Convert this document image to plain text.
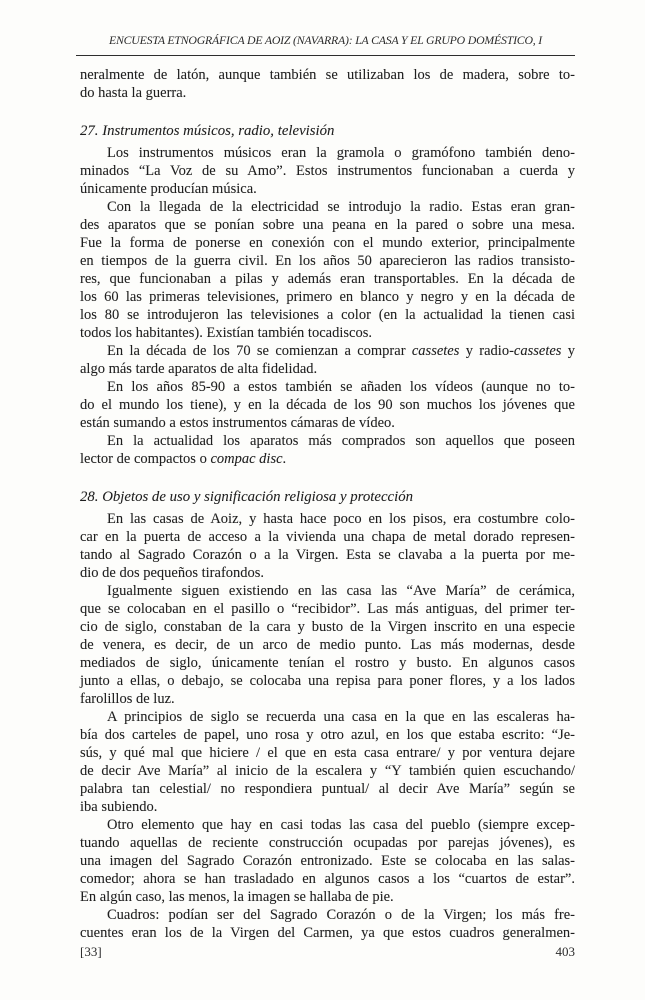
ENCUESTA ETNOGRÁFICA DE AOIZ (NAVARRA): LA CASA Y EL GRUPO DOMÉSTICO, I
neralmente de latón, aunque también se utilizaban los de madera, sobre to-
do hasta la guerra.
27. Instrumentos músicos, radio, televisión
Los instrumentos músicos eran la gramola o gramófono también deno-
minados “La Voz de su Amo”. Estos instrumentos funcionaban a cuerda y
únicamente producían música.
Con la llegada de la electricidad se introdujo la radio. Estas eran gran-
des aparatos que se ponían sobre una peana en la pared o sobre una mesa.
Fue la forma de ponerse en conexión con el mundo exterior, principalmente
en tiempos de la guerra civil. En los años 50 aparecieron las radios transisto-
res, que funcionaban a pilas y además eran transportables. En la década de
los 60 las primeras televisiones, primero en blanco y negro y en la década de
los 80 se introdujeron las televisiones a color (en la actualidad la tienen casi
todos los habitantes). Existían también tocadiscos.
En la década de los 70 se comienzan a comprar cassetes y radio-cassetes y
algo más tarde aparatos de alta fidelidad.
En los años 85-90 a estos también se añaden los vídeos (aunque no to-
do el mundo los tiene), y en la década de los 90 son muchos los jóvenes que
están sumando a estos instrumentos cámaras de vídeo.
En la actualidad los aparatos más comprados son aquellos que poseen
lector de compactos o compac disc.
28. Objetos de uso y significación religiosa y protección
En las casas de Aoiz, y hasta hace poco en los pisos, era costumbre colo-
car en la puerta de acceso a la vivienda una chapa de metal dorado represen-
tando al Sagrado Corazón o a la Virgen. Esta se clavaba a la puerta por me-
dio de dos pequeños tirafondos.
Igualmente siguen existiendo en las casa las “Ave María” de cerámica,
que se colocaban en el pasillo o “recibidor”. Las más antiguas, del primer ter-
cio de siglo, constaban de la cara y busto de la Virgen inscrito en una especie
de venera, es decir, de un arco de medio punto. Las más modernas, desde
mediados de siglo, únicamente tenían el rostro y busto. En algunos casos
junto a ellas, o debajo, se colocaba una repisa para poner flores, y a los lados
farolillos de luz.
A principios de siglo se recuerda una casa en la que en las escaleras ha-
bía dos carteles de papel, uno rosa y otro azul, en los que estaba escrito: “Je-
sús, y qué mal que hiciere / el que en esta casa entrare/ y por ventura dejare
de decir Ave María” al inicio de la escalera y “Y también quien escuchando/
palabra tan celestial/ no respondiera puntual/ al decir Ave María” según se
iba subiendo.
Otro elemento que hay en casi todas las casa del pueblo (siempre excep-
tuando aquellas de reciente construcción ocupadas por parejas jóvenes), es
una imagen del Sagrado Corazón entronizado. Este se colocaba en las salas-
comedor; ahora se han trasladado en algunos casos a los “cuartos de estar”.
En algún caso, las menos, la imagen se hallaba de pie.
Cuadros: podían ser del Sagrado Corazón o de la Virgen; los más fre-
cuentes eran los de la Virgen del Carmen, ya que estos cuadros generalmen-
[33]	403
